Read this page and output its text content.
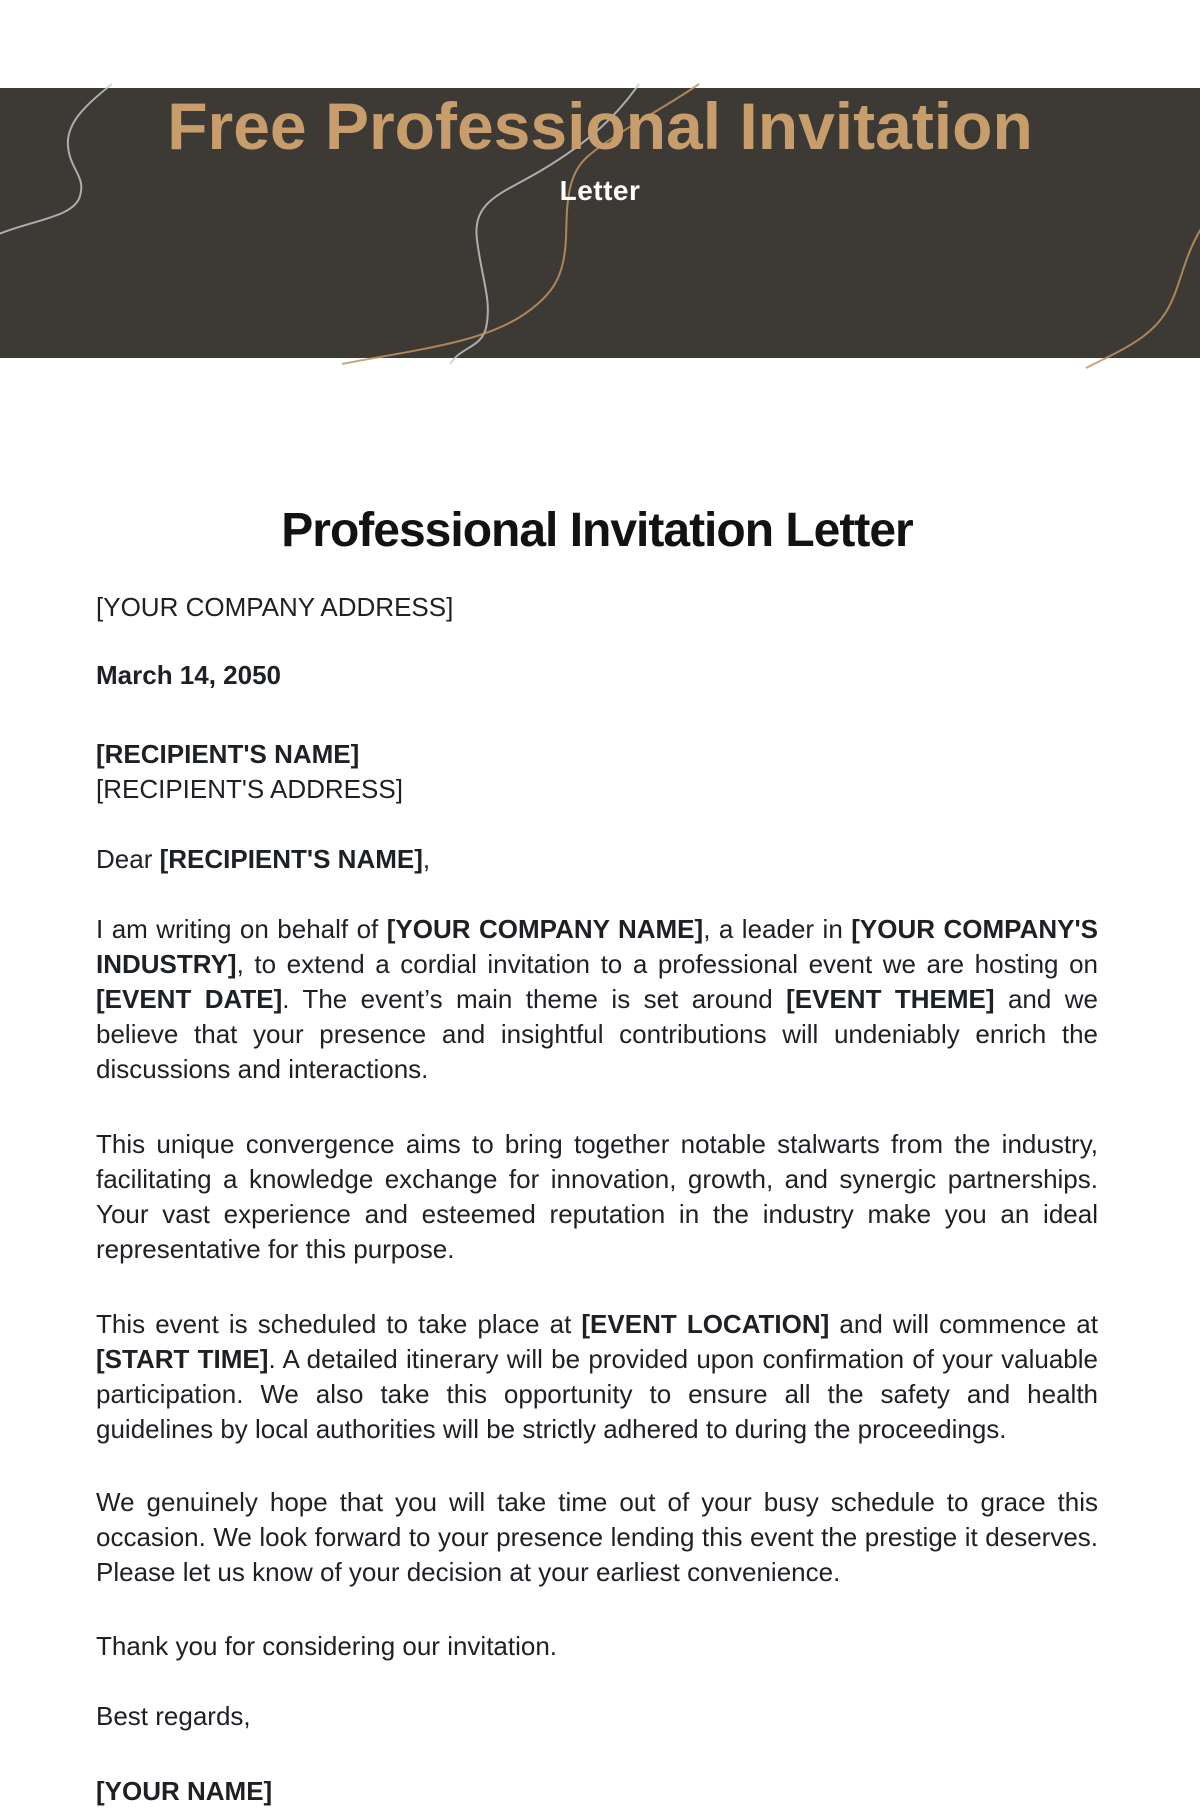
Free Professional Invitation
Letter
Professional Invitation Letter

[YOUR COMPANY ADDRESS]

March 14, 2050

[RECIPIENT'S NAME]
[RECIPIENT'S ADDRESS]

Dear [RECIPIENT'S NAME],

I am writing on behalf of [YOUR COMPANY NAME], a leader in [YOUR COMPANY'S INDUSTRY], to extend a cordial invitation to a professional event we are hosting on [EVENT DATE]. The event’s main theme is set around [EVENT THEME] and we believe that your presence and insightful contributions will undeniably enrich the discussions and interactions.

This unique convergence aims to bring together notable stalwarts from the industry, facilitating a knowledge exchange for innovation, growth, and synergic partnerships. Your vast experience and esteemed reputation in the industry make you an ideal representative for this purpose.

This event is scheduled to take place at [EVENT LOCATION] and will commence at [START TIME]. A detailed itinerary will be provided upon confirmation of your valuable participation. We also take this opportunity to ensure all the safety and health guidelines by local authorities will be strictly adhered to during the proceedings.

We genuinely hope that you will take time out of your busy schedule to grace this occasion. We look forward to your presence lending this event the prestige it deserves. Please let us know of your decision at your earliest convenience.

Thank you for considering our invitation.

Best regards,

[YOUR NAME]
